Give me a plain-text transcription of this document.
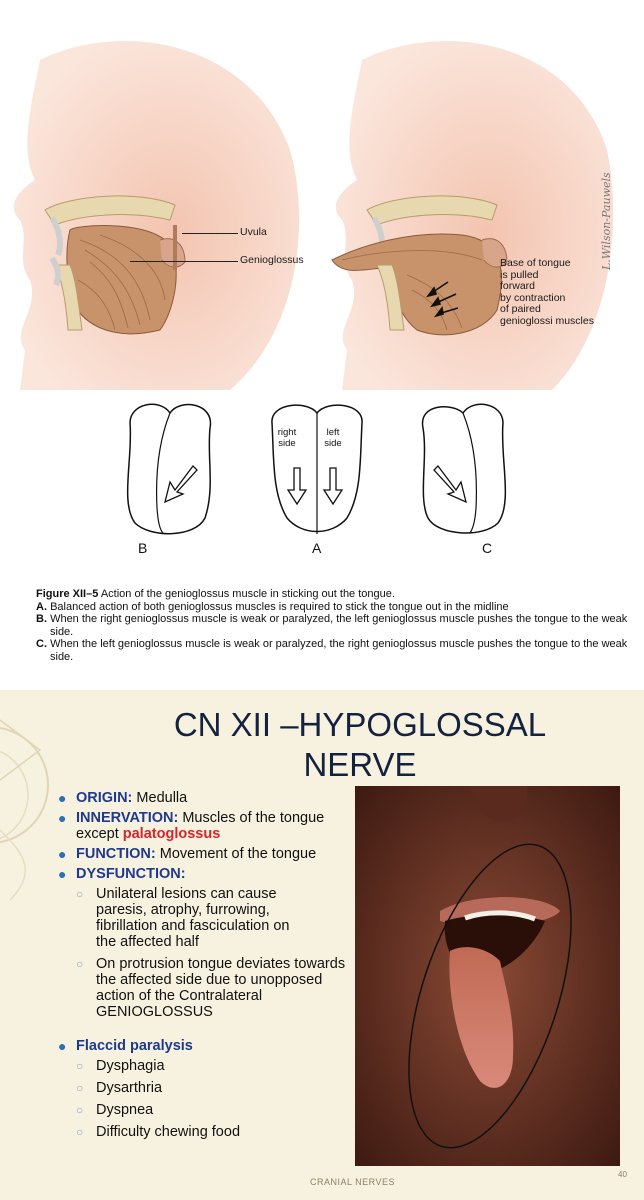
Uvula
Genioglossus	Base of tongue
is pulled
forward
by contraction
of paired
genioglossi muscles
L.Wilson-Pauwels
B
right
side
left
side
A	C

Figure XII–5 Action of the genioglossus muscle in sticking out the tongue.

A. Balanced action of both genioglossus muscles is required to stick the tongue out in the midline

B. When the right genioglossus muscle is weak or paralyzed, the left genioglossus muscle pushes the tongue to the weak side.

C. When the left genioglossus muscle is weak or paralyzed, the right genioglossus muscle pushes the tongue to the weak side.

CN XII –HYPOGLOSSAL
NERVE
● ORIGIN: Medulla
● INNERVATION: Muscles of the tongue except palatoglossus
● FUNCTION: Movement of the tongue
● DYSFUNCTION:
○ Unilateral lesions can cause paresis, atrophy, furrowing, fibrillation and fasciculation on the affected half
○ On protrusion tongue deviates towards the affected side due to unopposed action of the Contralateral GENIOGLOSSUS
● Flaccid paralysis
○ Dysphagia
○ Dysarthria
○ Dyspnea
○ Difficulty chewing food
CRANIAL NERVES
40
